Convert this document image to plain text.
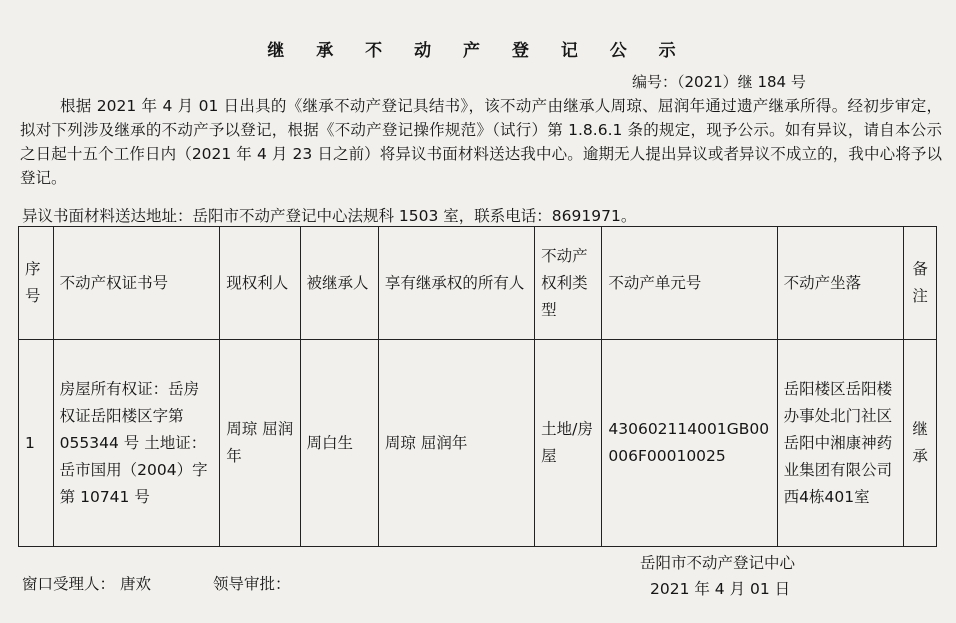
继 承 不 动 产 登 记 公 示
编号：（2021）继 184 号
根据 2021 年 4 月 01 日出具的《继承不动产登记具结书》，该不动产由继承人周琼、屈润年通过遗产继承所得。经初步审定， 拟对下列涉及继承的不动产予以登记，根据《不动产登记操作规范》（试行）第 1.8.6.1 条的规定，现予公示。如有异议，请自本公示之日起十五个工作日内（2021 年 4 月 23 日之前）将异议书面材料送达我中心。逾期无人提出异议或者异议不成立的，我中心将予以登记。
异议书面材料送达地址：岳阳市不动产登记中心法规科 1503 室，联系电话：8691971。
序号	不动产权证书号	现权利人	被继承人	享有继承权的所有人	不动产权利类型	不动产单元号	不动产坐落	备注
1	房屋所有权证：岳房权证岳阳楼区字第 055344 号 土地证：岳市国用（2004）字第 10741 号	周琼 屈润年	周白生	周琼 屈润年	土地/房屋	430602114001GB00006F00010025	岳阳楼区岳阳楼办事处北门社区岳阳中湘康神药业集团有限公司西4栋401室	继承
岳阳市不动产登记中心
2021 年 4 月 01 日
窗口受理人： 唐欢	领导审批：
